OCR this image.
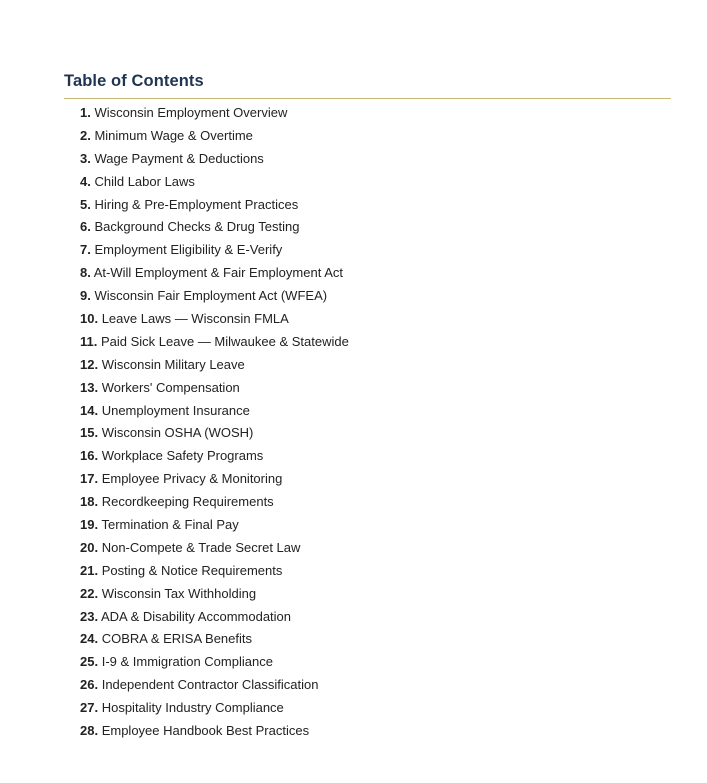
Table of Contents
1. Wisconsin Employment Overview
2. Minimum Wage & Overtime
3. Wage Payment & Deductions
4. Child Labor Laws
5. Hiring & Pre-Employment Practices
6. Background Checks & Drug Testing
7. Employment Eligibility & E-Verify
8. At-Will Employment & Fair Employment Act
9. Wisconsin Fair Employment Act (WFEA)
10. Leave Laws — Wisconsin FMLA
11. Paid Sick Leave — Milwaukee & Statewide
12. Wisconsin Military Leave
13. Workers' Compensation
14. Unemployment Insurance
15. Wisconsin OSHA (WOSH)
16. Workplace Safety Programs
17. Employee Privacy & Monitoring
18. Recordkeeping Requirements
19. Termination & Final Pay
20. Non-Compete & Trade Secret Law
21. Posting & Notice Requirements
22. Wisconsin Tax Withholding
23. ADA & Disability Accommodation
24. COBRA & ERISA Benefits
25. I-9 & Immigration Compliance
26. Independent Contractor Classification
27. Hospitality Industry Compliance
28. Employee Handbook Best Practices
